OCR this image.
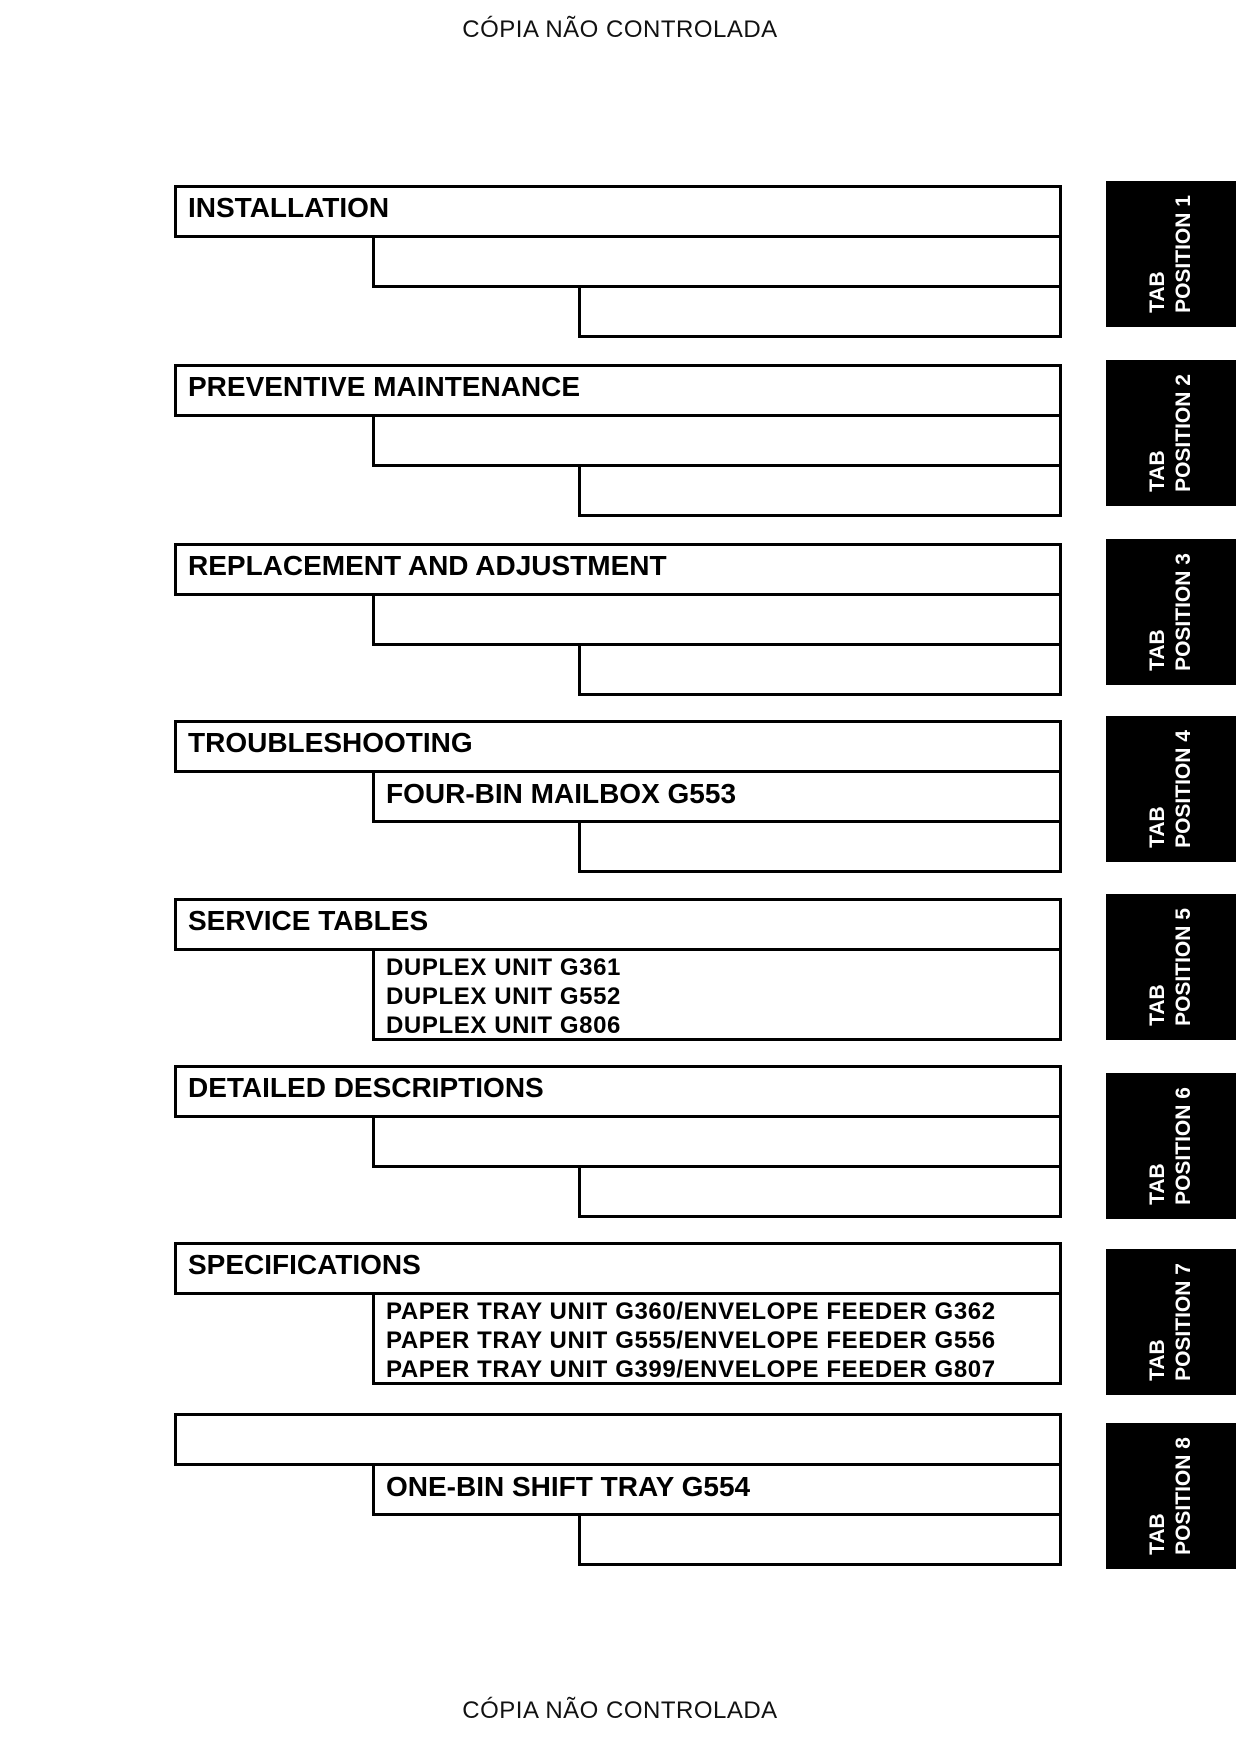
CÓPIA NÃO CONTROLADA
INSTALLATION
TAB POSITION 1
PREVENTIVE MAINTENANCE
TAB POSITION 2
REPLACEMENT AND ADJUSTMENT
TAB POSITION 3
TROUBLESHOOTING
FOUR-BIN MAILBOX G553
TAB POSITION 4
SERVICE TABLES
DUPLEX UNIT G361
DUPLEX UNIT G552
DUPLEX UNIT G806	TAB POSITION 5
DETAILED DESCRIPTIONS
TAB POSITION 6
SPECIFICATIONS
PAPER TRAY UNIT G360/ENVELOPE FEEDER G362
PAPER TRAY UNIT G555/ENVELOPE FEEDER G556
PAPER TRAY UNIT G399/ENVELOPE FEEDER G807	TAB POSITION 7
ONE-BIN SHIFT TRAY G554
TAB POSITION 8
CÓPIA NÃO CONTROLADA
